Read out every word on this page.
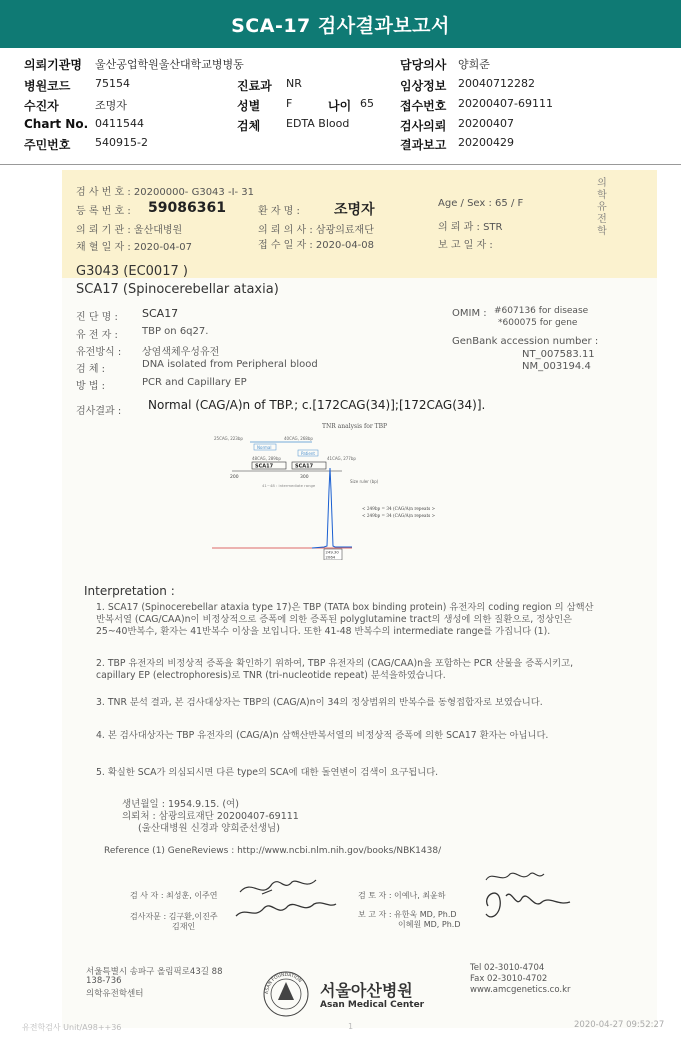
SCA-17 검사결과보고서
의뢰기관명 울산공업학원울산대학교병병동	담당의사 양희준
병원코드 75154	진료과 NR	임상정보 20040712282
수진자	조명자	성별 F	나이 65 접수번호 20200407-69111
Chart No. 0411544	검체 EDTA Blood	검사의뢰 20200407
주민번호 540915-2	결과보고 20200429
검 사 번 호 : 20200000- G3043 -I- 31
등 록 번 호 : 59086361	환 자 명 : 조명자	Age / Sex : 65 / F
의 뢰 기 관 : 울산대병원	의 뢰 의 사 : 삼광의료재단	의 뢰 과 : STR
채 혈 일 자 : 2020-04-07	접 수 일 자 : 2020-04-08	보 고 일 자 :
의 학 유 전 학
G3043 (EC0017 )
SCA17 (Spinocerebellar ataxia)
진 단 명 : SCA17
유 전 자 : TBP on 6q27.
유전방식 : 상염색체우성유전
검 체 :	DNA isolated from Peripheral blood
방 법 :	PCR and Capillary EP
OMIM : #607136 for disease
*600075 for gene
GenBank accession number :
NT_007583.11
NM_003194.4
검사결과 : Normal (CAG/A)n of TBP.; c.[172CAG(34)];[172CAG(34)].
TNR analysis for TBP
25CAG, 223bp	40CAG, 268bp
Normal
Patient
48CAG, 289bp	41CAG, 277bp
SCA17	SCA17
200	300
Size ruler (bp)
41~48 : intermediate range
< 249bp = 34 (CAG/A)n repeats >
< 249bp = 34 (CAG/A)n repeats >
249.30
2064
Interpretation :
1. SCA17 (Spinocerebellar ataxia type 17)은 TBP (TATA box binding protein) 유전자의 coding region 의 삼핵산반복서열 (CAG/CAA)n이 비정상적으로 증폭에 의한 증폭된 polyglutamine tract의 생성에 의한 질환으로, 정상인은 25~40반복수, 환자는 41반복수 이상을 보입니다. 또한 41-48 반복수의 intermediate range를 가집니다 (1).
2. TBP 유전자의 비정상적 증폭을 확인하기 위하여, TBP 유전자의 (CAG/CAA)n을 포함하는 PCR 산물을 증폭시키고, capillary EP (electrophoresis)로 TNR (tri-nucleotide repeat) 분석을하였습니다.
3. TNR 분석 결과, 본 검사대상자는 TBP의 (CAG/A)n이 34의 정상범위의 반복수를 동형접합자로 보였습니다.
4. 본 검사대상자는 TBP 유전자의 (CAG/A)n 삼핵산반복서열의 비정상적 증폭에 의한 SCA17 환자는 아닙니다.
5. 확실한 SCA가 의심되시면 다른 type의 SCA에 대한 돌연변이 검색이 요구됩니다.
생년월일 : 1954.9.15. (여)
의뢰처 : 삼광의료재단 20200407-69111
(울산대병원 신경과 양희준선생님)
Reference (1) GeneReviews : http://www.ncbi.nlm.nih.gov/books/NBK1438/
검 사 자 : 최성훈, 이주연	검 토 자 : 이예나, 최윤하
검사자문 : 김구환,이진주
김재인
보 고 자 : 유한욱 MD, Ph.D
이혜원 MD, Ph.D
서울특별시 송파구 올림픽로43길 88
138-736
의학유전학센터	ASAN FOUNDATION
서울아산병원
Asan Medical Center
Tel 02-3010-4704
Fax 02-3010-4702
www.amcgenetics.co.kr
유전학검사 Unit/A98++36	1	2020-04-27 09:52:27
